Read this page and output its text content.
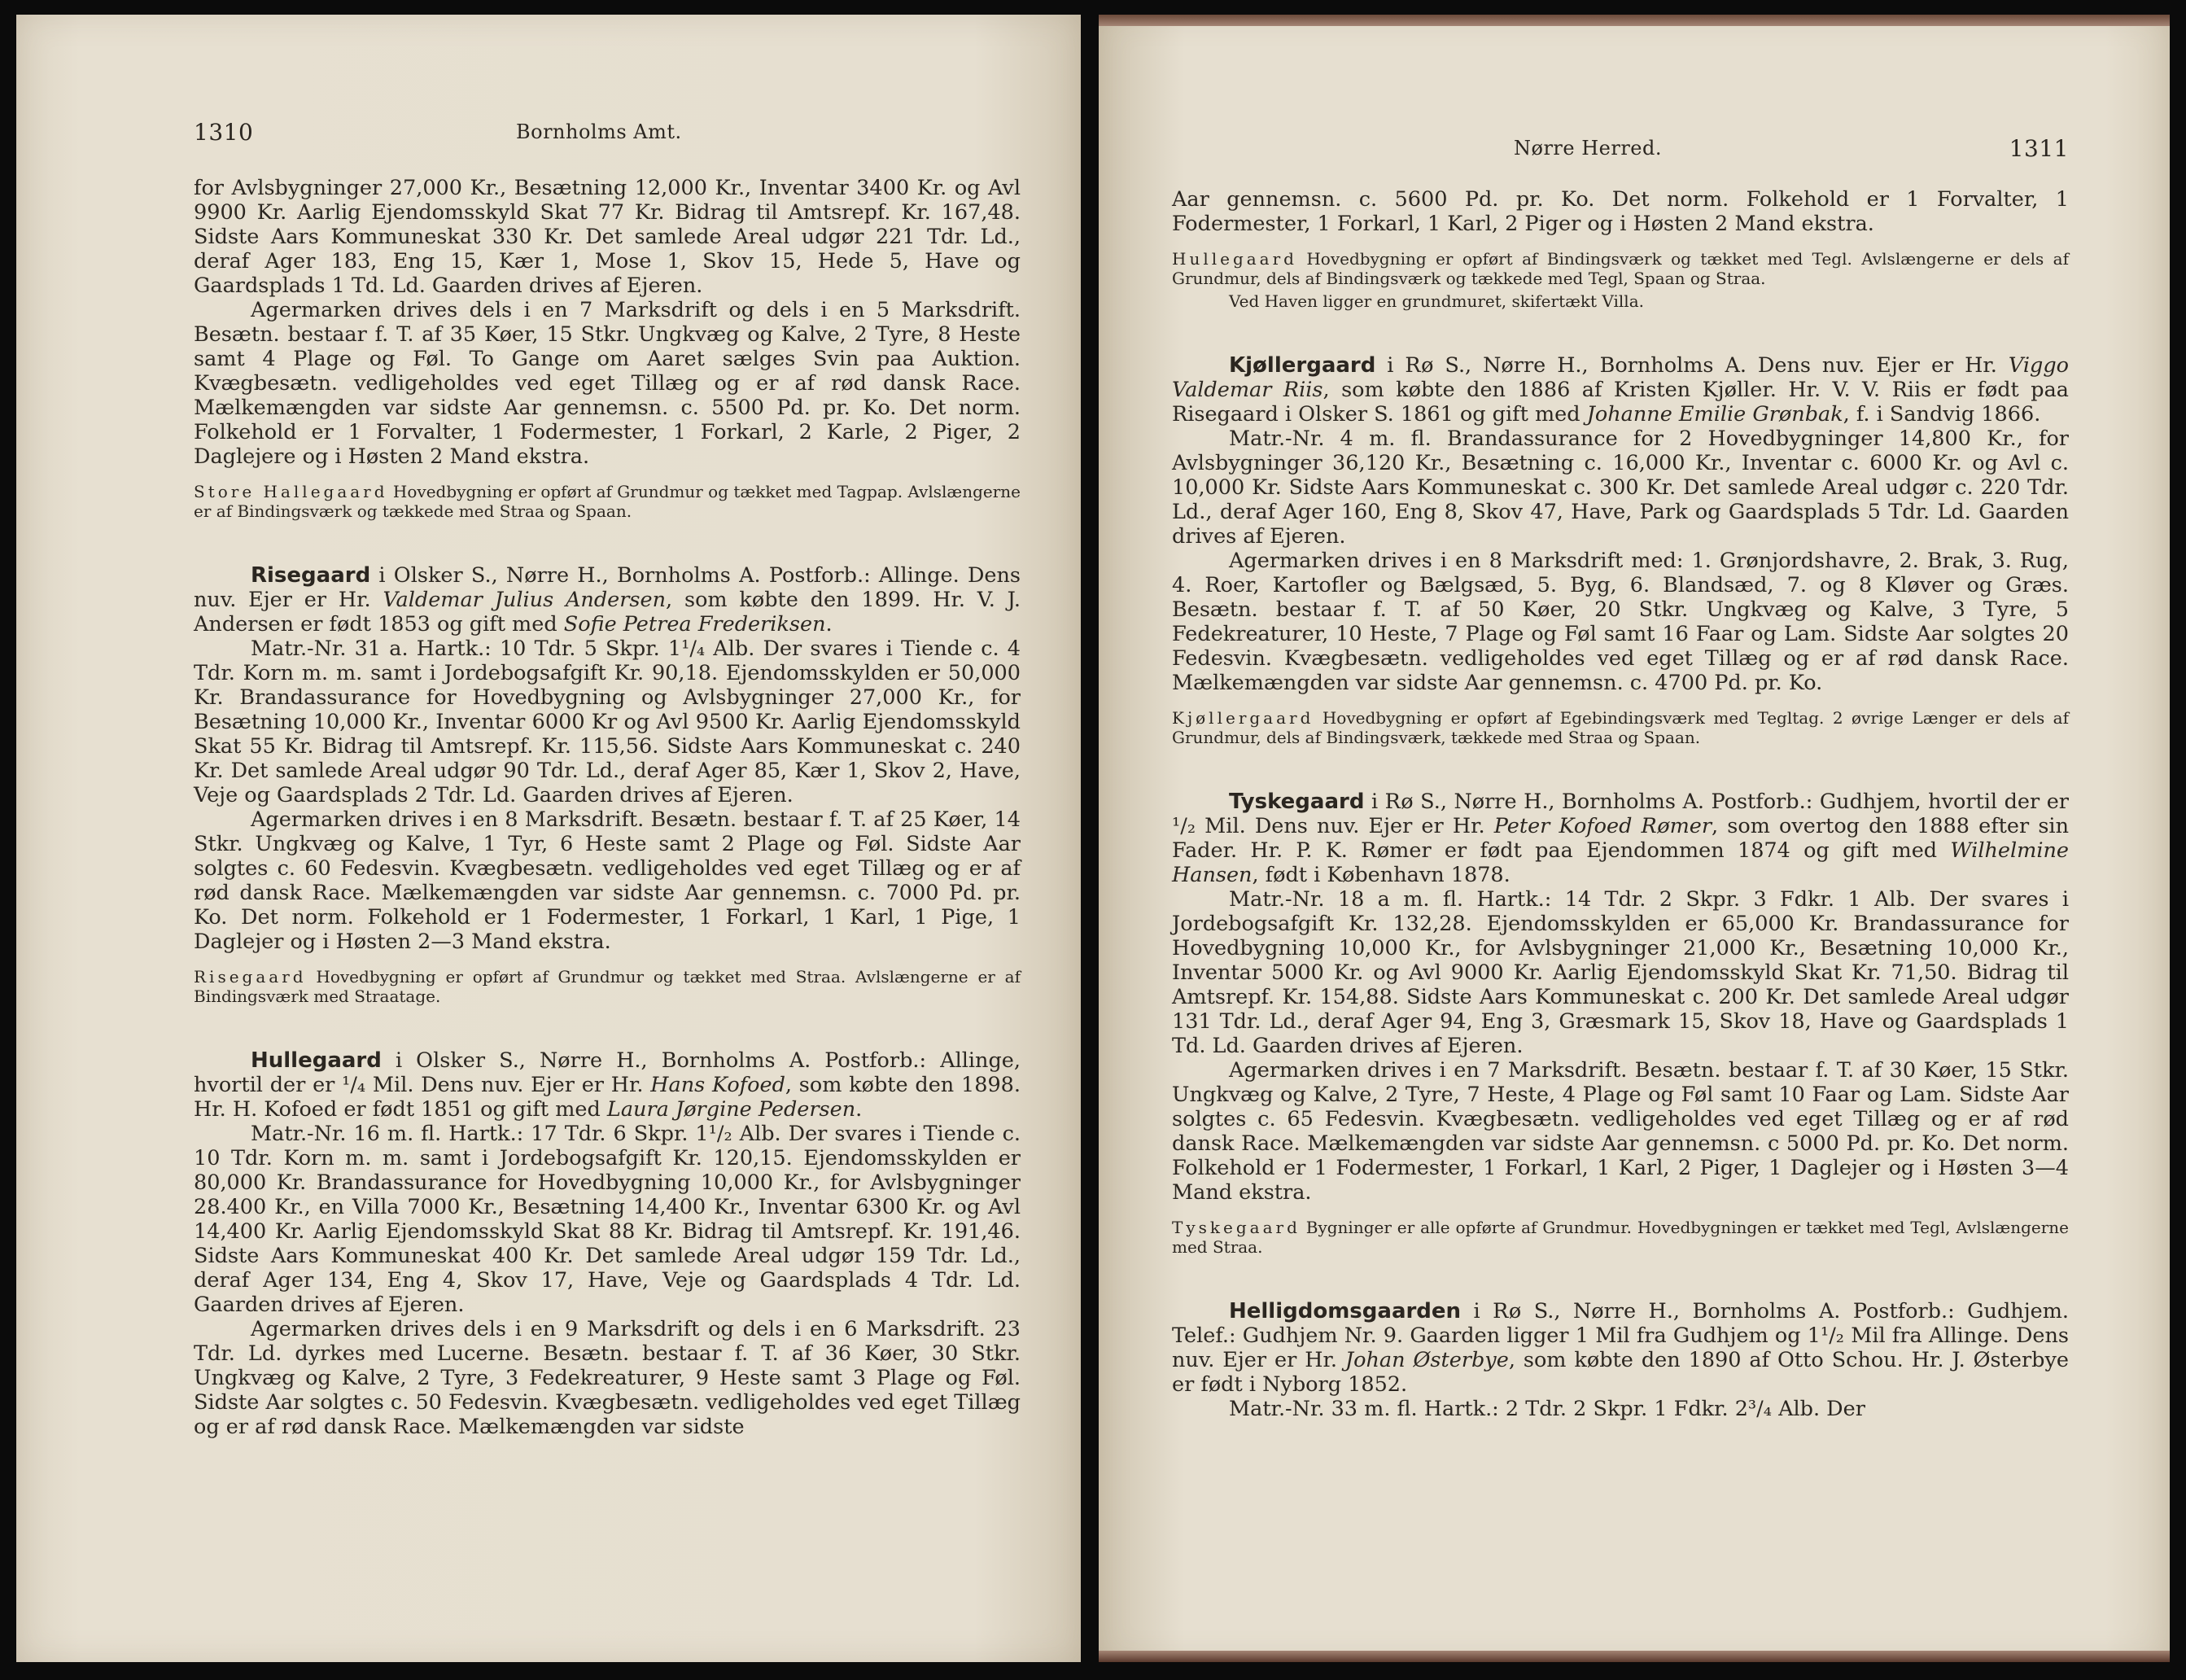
1310	Bornholms Amt.

for Avlsbygninger 27,000 Kr., Besætning 12,000 Kr., Inventar 3400 Kr. og Avl 9900 Kr. Aarlig Ejendomsskyld Skat 77 Kr. Bidrag til Amtsrepf. Kr. 167,48. Sidste Aars Kommuneskat 330 Kr. Det samlede Areal udgør 221 Tdr. Ld., deraf Ager 183, Eng 15, Kær 1, Mose 1, Skov 15, Hede 5, Have og Gaardsplads 1 Td. Ld. Gaarden drives af Ejeren.

Agermarken drives dels i en 7 Marksdrift og dels i en 5 Marksdrift. Besætn. bestaar f. T. af 35 Køer, 15 Stkr. Ungkvæg og Kalve, 2 Tyre, 8 Heste samt 4 Plage og Føl. To Gange om Aaret sælges Svin paa Auktion. Kvægbesætn. vedligeholdes ved eget Tillæg og er af rød dansk Race. Mælkemængden var sidste Aar gennemsn. c. 5500 Pd. pr. Ko. Det norm. Folkehold er 1 Forvalter, 1 Fodermester, 1 Forkarl, 2 Karle, 2 Piger, 2 Daglejere og i Høsten 2 Mand ekstra.

Store Hallegaard Hovedbygning er opført af Grundmur og tækket med Tagpap. Avlslængerne er af Bindingsværk og tækkede med Straa og Spaan.

Risegaard i Olsker S., Nørre H., Bornholms A. Postforb.: Allinge. Dens nuv. Ejer er Hr. Valdemar Julius Andersen, som købte den 1899. Hr. V. J. Andersen er født 1853 og gift med Sofie Petrea Frederiksen.

Matr.-Nr. 31 a. Hartk.: 10 Tdr. 5 Skpr. 1¹/₄ Alb. Der svares i Tiende c. 4 Tdr. Korn m. m. samt i Jordebogsafgift Kr. 90,18. Ejendomsskylden er 50,000 Kr. Brandassurance for Hovedbygning og Avlsbygninger 27,000 Kr., for Besætning 10,000 Kr., Inventar 6000 Kr og Avl 9500 Kr. Aarlig Ejendomsskyld Skat 55 Kr. Bidrag til Amtsrepf. Kr. 115,56. Sidste Aars Kommuneskat c. 240 Kr. Det samlede Areal udgør 90 Tdr. Ld., deraf Ager 85, Kær 1, Skov 2, Have, Veje og Gaardsplads 2 Tdr. Ld. Gaarden drives af Ejeren.

Agermarken drives i en 8 Marksdrift. Besætn. bestaar f. T. af 25 Køer, 14 Stkr. Ungkvæg og Kalve, 1 Tyr, 6 Heste samt 2 Plage og Føl. Sidste Aar solgtes c. 60 Fedesvin. Kvægbesætn. vedligeholdes ved eget Tillæg og er af rød dansk Race. Mælkemængden var sidste Aar gennemsn. c. 7000 Pd. pr. Ko. Det norm. Folkehold er 1 Fodermester, 1 Forkarl, 1 Karl, 1 Pige, 1 Daglejer og i Høsten 2—3 Mand ekstra.

Risegaard Hovedbygning er opført af Grundmur og tækket med Straa. Avlslængerne er af Bindingsværk med Straatage.

Hullegaard i Olsker S., Nørre H., Bornholms A. Postforb.: Allinge, hvortil der er ¹/₄ Mil. Dens nuv. Ejer er Hr. Hans Kofoed, som købte den 1898. Hr. H. Kofoed er født 1851 og gift med Laura Jørgine Pedersen.

Matr.-Nr. 16 m. fl. Hartk.: 17 Tdr. 6 Skpr. 1¹/₂ Alb. Der svares i Tiende c. 10 Tdr. Korn m. m. samt i Jordebogsafgift Kr. 120,15. Ejendomsskylden er 80,000 Kr. Brandassurance for Hovedbygning 10,000 Kr., for Avlsbygninger 28.400 Kr., en Villa 7000 Kr., Besætning 14,400 Kr., Inventar 6300 Kr. og Avl 14,400 Kr. Aarlig Ejendomsskyld Skat 88 Kr. Bidrag til Amtsrepf. Kr. 191,46. Sidste Aars Kommuneskat 400 Kr. Det samlede Areal udgør 159 Tdr. Ld., deraf Ager 134, Eng 4, Skov 17, Have, Veje og Gaardsplads 4 Tdr. Ld. Gaarden drives af Ejeren.

Agermarken drives dels i en 9 Marksdrift og dels i en 6 Marksdrift. 23 Tdr. Ld. dyrkes med Lucerne. Besætn. bestaar f. T. af 36 Køer, 30 Stkr. Ungkvæg og Kalve, 2 Tyre, 3 Fedekreaturer, 9 Heste samt 3 Plage og Føl. Sidste Aar solgtes c. 50 Fedesvin. Kvægbesætn. vedligeholdes ved eget Tillæg og er af rød dansk Race. Mælkemængden var sidste

Nørre Herred.	1311

Aar gennemsn. c. 5600 Pd. pr. Ko. Det norm. Folkehold er 1 Forvalter, 1 Fodermester, 1 Forkarl, 1 Karl, 2 Piger og i Høsten 2 Mand ekstra.

Hullegaard Hovedbygning er opført af Bindingsværk og tækket med Tegl. Avlslængerne er dels af Grundmur, dels af Bindingsværk og tækkede med Tegl, Spaan og Straa.

Ved Haven ligger en grundmuret, skifertækt Villa.

Kjøllergaard i Rø S., Nørre H., Bornholms A. Dens nuv. Ejer er Hr. Viggo Valdemar Riis, som købte den 1886 af Kristen Kjøller. Hr. V. V. Riis er født paa Risegaard i Olsker S. 1861 og gift med Johanne Emilie Grønbak, f. i Sandvig 1866.

Matr.-Nr. 4 m. fl. Brandassurance for 2 Hovedbygninger 14,800 Kr., for Avlsbygninger 36,120 Kr., Besætning c. 16,000 Kr., Inventar c. 6000 Kr. og Avl c. 10,000 Kr. Sidste Aars Kommuneskat c. 300 Kr. Det samlede Areal udgør c. 220 Tdr. Ld., deraf Ager 160, Eng 8, Skov 47, Have, Park og Gaardsplads 5 Tdr. Ld. Gaarden drives af Ejeren.

Agermarken drives i en 8 Marksdrift med: 1. Grønjordshavre, 2. Brak, 3. Rug, 4. Roer, Kartofler og Bælgsæd, 5. Byg, 6. Blandsæd, 7. og 8 Kløver og Græs. Besætn. bestaar f. T. af 50 Køer, 20 Stkr. Ungkvæg og Kalve, 3 Tyre, 5 Fedekreaturer, 10 Heste, 7 Plage og Føl samt 16 Faar og Lam. Sidste Aar solgtes 20 Fedesvin. Kvægbesætn. vedligeholdes ved eget Tillæg og er af rød dansk Race. Mælkemængden var sidste Aar gennemsn. c. 4700 Pd. pr. Ko.

Kjøllergaard Hovedbygning er opført af Egebindingsværk med Tegltag. 2 øvrige Længer er dels af Grundmur, dels af Bindingsværk, tækkede med Straa og Spaan.

Tyskegaard i Rø S., Nørre H., Bornholms A. Postforb.: Gudhjem, hvortil der er ¹/₂ Mil. Dens nuv. Ejer er Hr. Peter Kofoed Rømer, som overtog den 1888 efter sin Fader. Hr. P. K. Rømer er født paa Ejendommen 1874 og gift med Wilhelmine Hansen, født i København 1878.

Matr.-Nr. 18 a m. fl. Hartk.: 14 Tdr. 2 Skpr. 3 Fdkr. 1 Alb. Der svares i Jordebogsafgift Kr. 132,28. Ejendomsskylden er 65,000 Kr. Brandassurance for Hovedbygning 10,000 Kr., for Avlsbygninger 21,000 Kr., Besætning 10,000 Kr., Inventar 5000 Kr. og Avl 9000 Kr. Aarlig Ejendomsskyld Skat Kr. 71,50. Bidrag til Amtsrepf. Kr. 154,88. Sidste Aars Kommuneskat c. 200 Kr. Det samlede Areal udgør 131 Tdr. Ld., deraf Ager 94, Eng 3, Græsmark 15, Skov 18, Have og Gaardsplads 1 Td. Ld. Gaarden drives af Ejeren.

Agermarken drives i en 7 Marksdrift. Besætn. bestaar f. T. af 30 Køer, 15 Stkr. Ungkvæg og Kalve, 2 Tyre, 7 Heste, 4 Plage og Føl samt 10 Faar og Lam. Sidste Aar solgtes c. 65 Fedesvin. Kvægbesætn. vedligeholdes ved eget Tillæg og er af rød dansk Race. Mælkemængden var sidste Aar gennemsn. c 5000 Pd. pr. Ko. Det norm. Folkehold er 1 Fodermester, 1 Forkarl, 1 Karl, 2 Piger, 1 Daglejer og i Høsten 3—4 Mand ekstra.

Tyskegaard Bygninger er alle opførte af Grundmur. Hovedbygningen er tækket med Tegl, Avlslængerne med Straa.

Helligdomsgaarden i Rø S., Nørre H., Bornholms A. Postforb.: Gudhjem. Telef.: Gudhjem Nr. 9. Gaarden ligger 1 Mil fra Gudhjem og 1¹/₂ Mil fra Allinge. Dens nuv. Ejer er Hr. Johan Østerbye, som købte den 1890 af Otto Schou. Hr. J. Østerbye er født i Nyborg 1852.

Matr.-Nr. 33 m. fl. Hartk.: 2 Tdr. 2 Skpr. 1 Fdkr. 2³/₄ Alb. Der
